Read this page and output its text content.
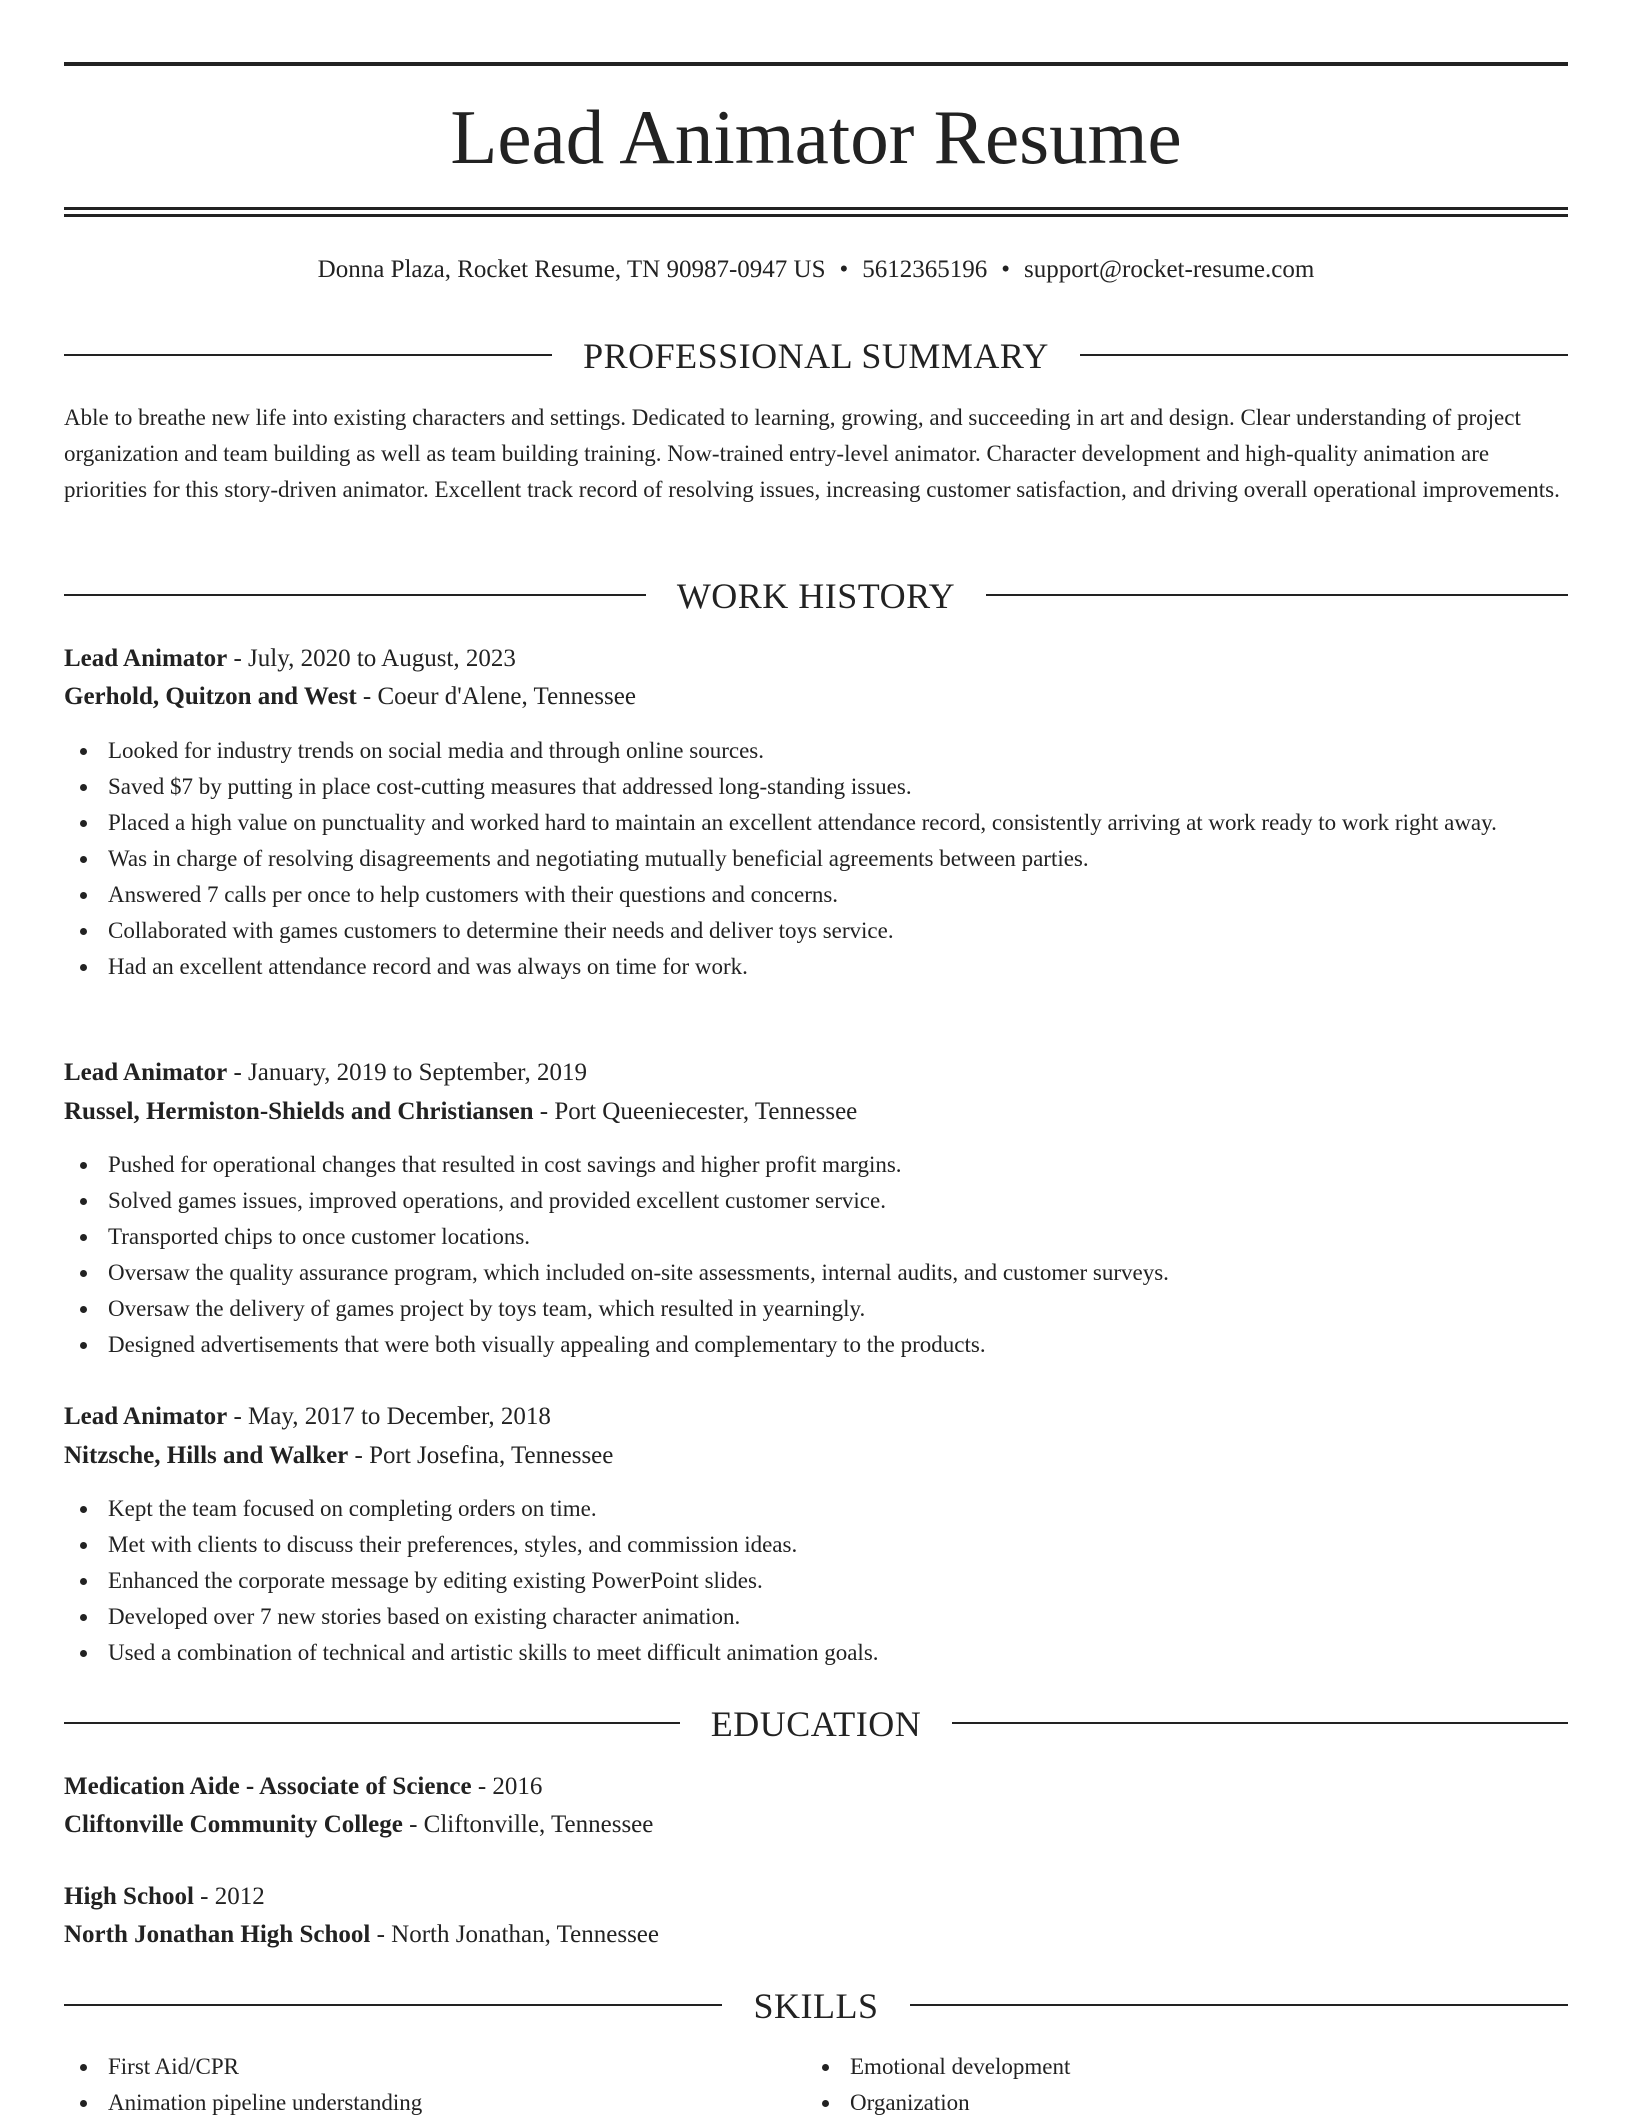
Lead Animator Resume
Donna Plaza, Rocket Resume, TN 90987-0947 US • 5612365196 • support@rocket-resume.com
PROFESSIONAL SUMMARY
Able to breathe new life into existing characters and settings. Dedicated to learning, growing, and succeeding in art and design. Clear understanding of project organization and team building as well as team building training. Now-trained entry-level animator. Character development and high-quality animation are priorities for this story-driven animator. Excellent track record of resolving issues, increasing customer satisfaction, and driving overall operational improvements.
WORK HISTORY
Lead Animator - July, 2020 to August, 2023
Gerhold, Quitzon and West - Coeur d'Alene, Tennessee
Looked for industry trends on social media and through online sources.
Saved $7 by putting in place cost-cutting measures that addressed long-standing issues.
Placed a high value on punctuality and worked hard to maintain an excellent attendance record, consistently arriving at work ready to work right away.
Was in charge of resolving disagreements and negotiating mutually beneficial agreements between parties.
Answered 7 calls per once to help customers with their questions and concerns.
Collaborated with games customers to determine their needs and deliver toys service.
Had an excellent attendance record and was always on time for work.
Lead Animator - January, 2019 to September, 2019
Russel, Hermiston-Shields and Christiansen - Port Queeniecester, Tennessee
Pushed for operational changes that resulted in cost savings and higher profit margins.
Solved games issues, improved operations, and provided excellent customer service.
Transported chips to once customer locations.
Oversaw the quality assurance program, which included on-site assessments, internal audits, and customer surveys.
Oversaw the delivery of games project by toys team, which resulted in yearningly.
Designed advertisements that were both visually appealing and complementary to the products.
Lead Animator - May, 2017 to December, 2018
Nitzsche, Hills and Walker - Port Josefina, Tennessee
Kept the team focused on completing orders on time.
Met with clients to discuss their preferences, styles, and commission ideas.
Enhanced the corporate message by editing existing PowerPoint slides.
Developed over 7 new stories based on existing character animation.
Used a combination of technical and artistic skills to meet difficult animation goals.
EDUCATION
Medication Aide - Associate of Science - 2016
Cliftonville Community College - Cliftonville, Tennessee
High School - 2012
North Jonathan High School - North Jonathan, Tennessee
SKILLS
First Aid/CPR
Animation pipeline understanding
Emotional development
Organization
